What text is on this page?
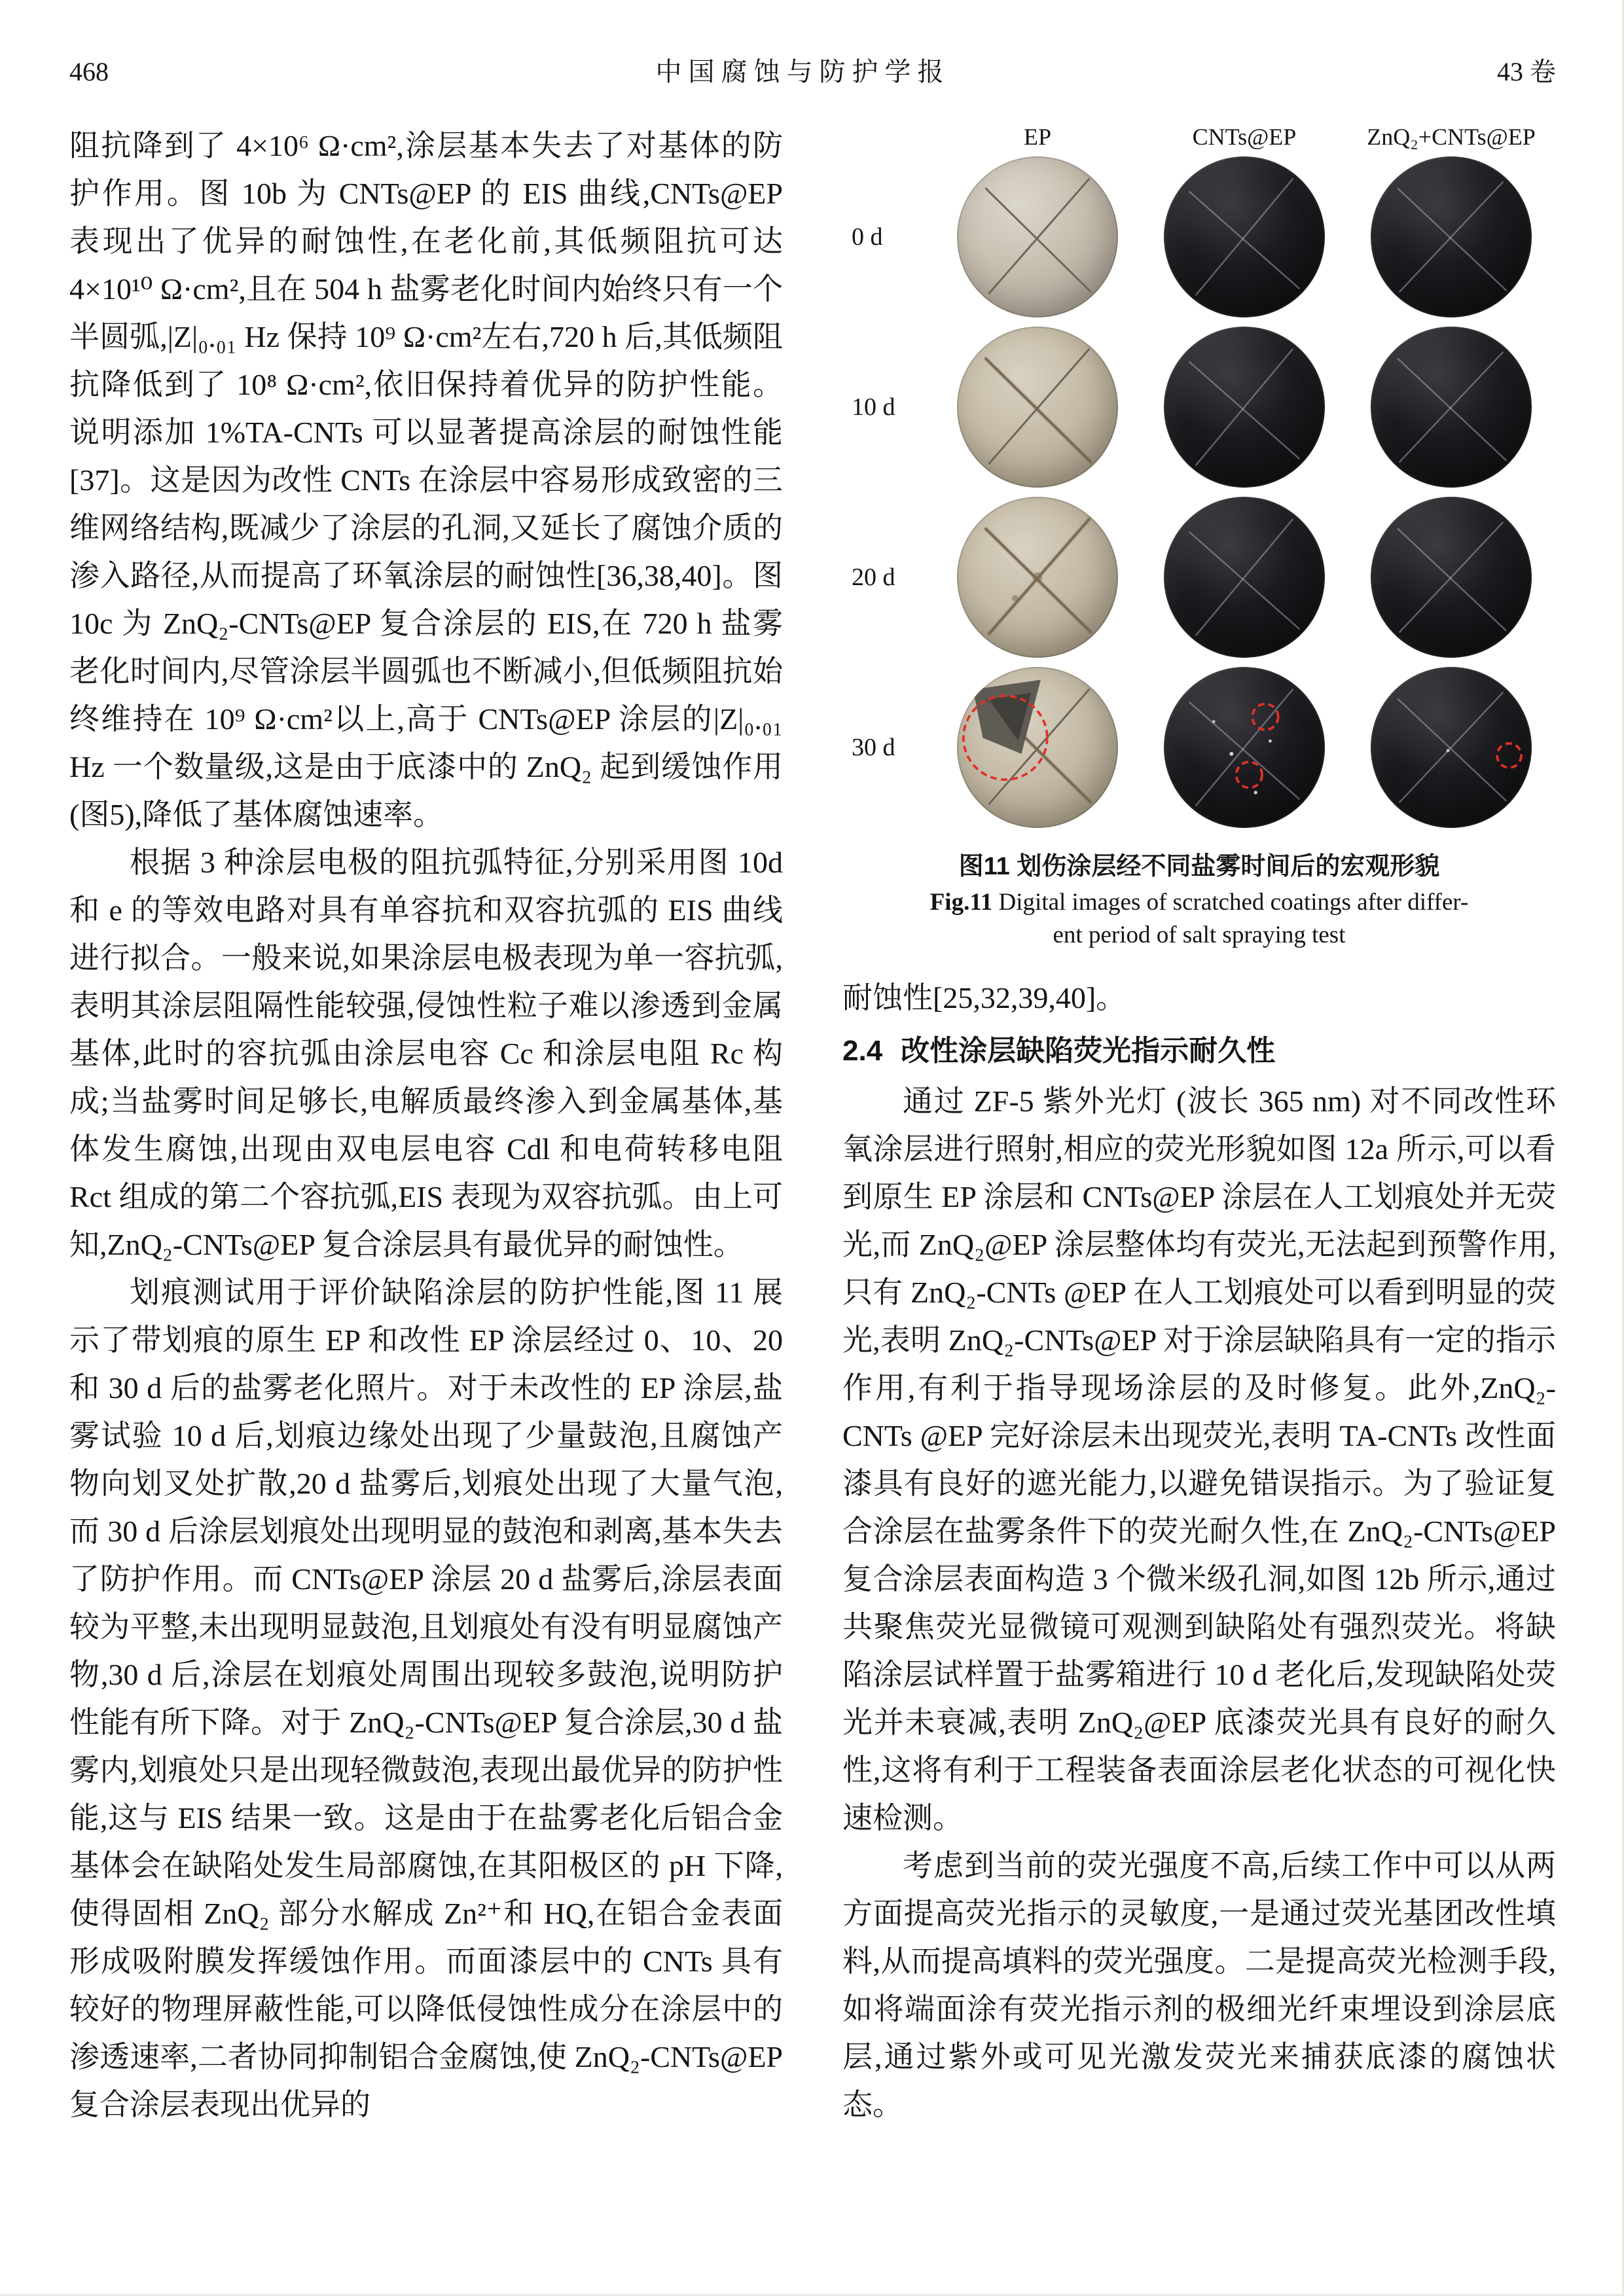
468	中国腐蚀与防护学报	43 卷

阻抗降到了 4×10⁶ Ω·cm²,涂层基本失去了对基体的防护作用。图 10b 为 CNTs@EP 的 EIS 曲线,CNTs@EP 表现出了优异的耐蚀性,在老化前,其低频阻抗可达 4×10¹⁰ Ω·cm²,且在 504 h 盐雾老化时间内始终只有一个半圆弧,|Z|₀.₀₁ Hz 保持 10⁹ Ω·cm²左右,720 h 后,其低频阻抗降低到了 10⁸ Ω·cm²,依旧保持着优异的防护性能。说明添加 1%TA-CNTs 可以显著提高涂层的耐蚀性能[37]。这是因为改性 CNTs 在涂层中容易形成致密的三维网络结构,既减少了涂层的孔洞,又延长了腐蚀介质的渗入路径,从而提高了环氧涂层的耐蚀性[36,38,40]。图 10c 为 ZnQ₂-CNTs@EP 复合涂层的 EIS,在 720 h 盐雾老化时间内,尽管涂层半圆弧也不断减小,但低频阻抗始终维持在 10⁹ Ω·cm²以上,高于 CNTs@EP 涂层的|Z|₀.₀₁ Hz 一个数量级,这是由于底漆中的 ZnQ₂ 起到缓蚀作用 (图5),降低了基体腐蚀速率。

根据 3 种涂层电极的阻抗弧特征,分别采用图 10d 和 e 的等效电路对具有单容抗和双容抗弧的 EIS 曲线进行拟合。一般来说,如果涂层电极表现为单一容抗弧,表明其涂层阻隔性能较强,侵蚀性粒子难以渗透到金属基体,此时的容抗弧由涂层电容 Cc 和涂层电阻 Rc 构成;当盐雾时间足够长,电解质最终渗入到金属基体,基体发生腐蚀,出现由双电层电容 Cdl 和电荷转移电阻 Rct 组成的第二个容抗弧,EIS 表现为双容抗弧。由上可知,ZnQ₂-CNTs@EP 复合涂层具有最优异的耐蚀性。

划痕测试用于评价缺陷涂层的防护性能,图 11 展示了带划痕的原生 EP 和改性 EP 涂层经过 0、10、20 和 30 d 后的盐雾老化照片。对于未改性的 EP 涂层,盐雾试验 10 d 后,划痕边缘处出现了少量鼓泡,且腐蚀产物向划叉处扩散,20 d 盐雾后,划痕处出现了大量气泡,而 30 d 后涂层划痕处出现明显的鼓泡和剥离,基本失去了防护作用。而 CNTs@EP 涂层 20 d 盐雾后,涂层表面较为平整,未出现明显鼓泡,且划痕处有没有明显腐蚀产物,30 d 后,涂层在划痕处周围出现较多鼓泡,说明防护性能有所下降。对于 ZnQ₂-CNTs@EP 复合涂层,30 d 盐雾内,划痕处只是出现轻微鼓泡,表现出最优异的防护性能,这与 EIS 结果一致。这是由于在盐雾老化后铝合金基体会在缺陷处发生局部腐蚀,在其阳极区的 pH 下降,使得固相 ZnQ₂ 部分水解成 Zn²⁺和 HQ,在铝合金表面形成吸附膜发挥缓蚀作用。而面漆层中的 CNTs 具有较好的物理屏蔽性能,可以降低侵蚀性成分在涂层中的渗透速率,二者协同抑制铝合金腐蚀,使 ZnQ₂-CNTs@EP 复合涂层表现出优异的

EP	CNTs@EP	ZnQ₂+CNTs@EP
0 d
10 d
20 d
30 d
图11 划伤涂层经不同盐雾时间后的宏观形貌
Fig.11 Digital images of scratched coatings after differ-
ent period of salt spraying test

耐蚀性[25,32,39,40]。

2.4 改性涂层缺陷荧光指示耐久性

通过 ZF-5 紫外光灯 (波长 365 nm) 对不同改性环氧涂层进行照射,相应的荧光形貌如图 12a 所示,可以看到原生 EP 涂层和 CNTs@EP 涂层在人工划痕处并无荧光,而 ZnQ₂@EP 涂层整体均有荧光,无法起到预警作用,只有 ZnQ₂-CNTs @EP 在人工划痕处可以看到明显的荧光,表明 ZnQ₂-CNTs@EP 对于涂层缺陷具有一定的指示作用,有利于指导现场涂层的及时修复。此外,ZnQ₂-CNTs @EP 完好涂层未出现荧光,表明 TA-CNTs 改性面漆具有良好的遮光能力,以避免错误指示。为了验证复合涂层在盐雾条件下的荧光耐久性,在 ZnQ₂-CNTs@EP 复合涂层表面构造 3 个微米级孔洞,如图 12b 所示,通过共聚焦荧光显微镜可观测到缺陷处有强烈荧光。将缺陷涂层试样置于盐雾箱进行 10 d 老化后,发现缺陷处荧光并未衰减,表明 ZnQ₂@EP 底漆荧光具有良好的耐久性,这将有利于工程装备表面涂层老化状态的可视化快速检测。

考虑到当前的荧光强度不高,后续工作中可以从两方面提高荧光指示的灵敏度,一是通过荧光基团改性填料,从而提高填料的荧光强度。二是提高荧光检测手段,如将端面涂有荧光指示剂的极细光纤束埋设到涂层底层,通过紫外或可见光激发荧光来捕获底漆的腐蚀状态。
